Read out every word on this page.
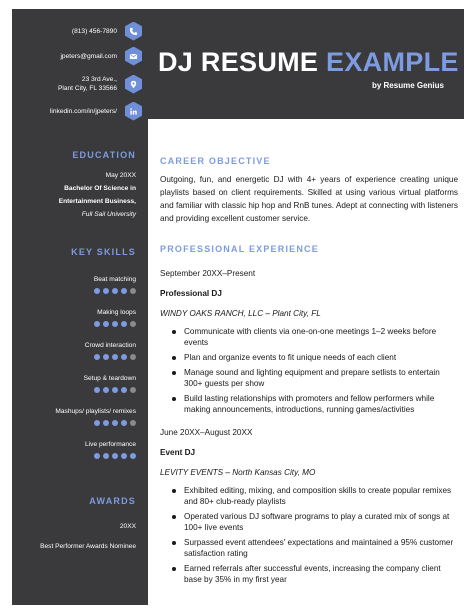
(813) 456-7890
jpeters@gmail.com
23 3rd Ave.,
Plant City, FL 33566
linkedin.com/in/jpeters/
EDUCATION
May 20XX
Bachelor Of Science in
Entertainment Business,
Full Sail University
KEY SKILLS
Beat matching
Making loops
Crowd interaction
Setup & teardown
Mashups/ playlists/ remixes
Live performance
AWARDS
20XX
Best Performer Awards Nominee
DJ RESUME EXAMPLE
by Resume Genius
CAREER OBJECTIVE
Outgoing, fun, and energetic DJ with 4+ years of experience creating unique playlists based on client requirements. Skilled at using various virtual platforms and familiar with classic hip hop and RnB tunes. Adept at connecting with listeners and providing excellent customer service.
PROFESSIONAL EXPERIENCE
September 20XX–Present
Professional DJ
WINDY OAKS RANCH, LLC – Plant City, FL
Communicate with clients via one-on-one meetings 1–2 weeks before events
Plan and organize events to fit unique needs of each client
Manage sound and lighting equipment and prepare setlists to entertain 300+ guests per show
Build lasting relationships with promoters and fellow performers while making announcements, introductions, running games/activities
June 20XX–August 20XX
Event DJ
LEVITY EVENTS – North Kansas City, MO
Exhibited editing, mixing, and composition skills to create popular remixes and 80+ club-ready playlists
Operated various DJ software programs to play a curated mix of songs at 100+ live events
Surpassed event attendees' expectations and maintained a 95% customer satisfaction rating
Earned referrals after successful events, increasing the company client base by 35% in my first year
